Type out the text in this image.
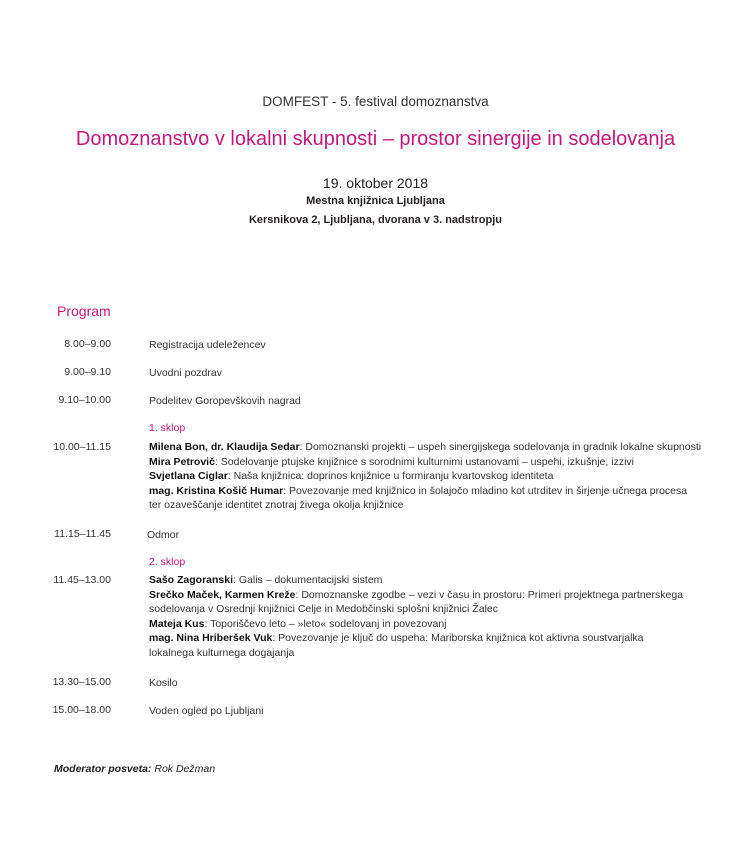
DOMFEST - 5. festival domoznanstva
Domoznanstvo v lokalni skupnosti – prostor sinergije in sodelovanja
19. oktober 2018
Mestna knjižnica Ljubljana
Kersnikova 2, Ljubljana, dvorana v 3. nadstropju
Program
8.00–9.00	Registracija udeležencev
9.00–9.10	Uvodni pozdrav
9.10–10.00	Podelitev Goropevškovih nagrad
1. sklop
10.00–11.15	Milena Bon, dr. Klaudija Sedar: Domoznanski projekti – uspeh sinergijskega sodelovanja in gradnik lokalne skupnosti
Mira Petrovič: Sodelovanje ptujske knjižnice s sorodnimi kulturnimi ustanovami – uspehi, izkušnje, izzivi
Svjetlana Ciglar: Naša knjižnica: doprinos knjižnice u formiranju kvartovskog identiteta
mag. Kristina Košič Humar: Povezovanje med knjižnico in šolajočo mladino kot utrditev in širjenje učnega procesa ter ozaveščanje identitet znotraj živega okolja knjižnice
11.15–11.45	Odmor
2. sklop
11.45–13.00	Sašo Zagoranski: Galis – dokumentacijski sistem
Srečko Maček, Karmen Kreže: Domoznanske zgodbe – vezi v času in prostoru: Primeri projektnega partnerskega sodelovanja v Osrednji knjižnici Celje in Medobčinski splošni knjižnici Žalec
Mateja Kus: Toporiščevo leto – »leto« sodelovanj in povezovanj
mag. Nina Hriberšek Vuk: Povezovanje je ključ do uspeha: Mariborska knjižnica kot aktivna soustvarjalka lokalnega kulturnega dogajanja
13.30–15.00	Kosilo
15.00–18.00	Voden ogled po Ljubljani
Moderator posveta: Rok Dežman
